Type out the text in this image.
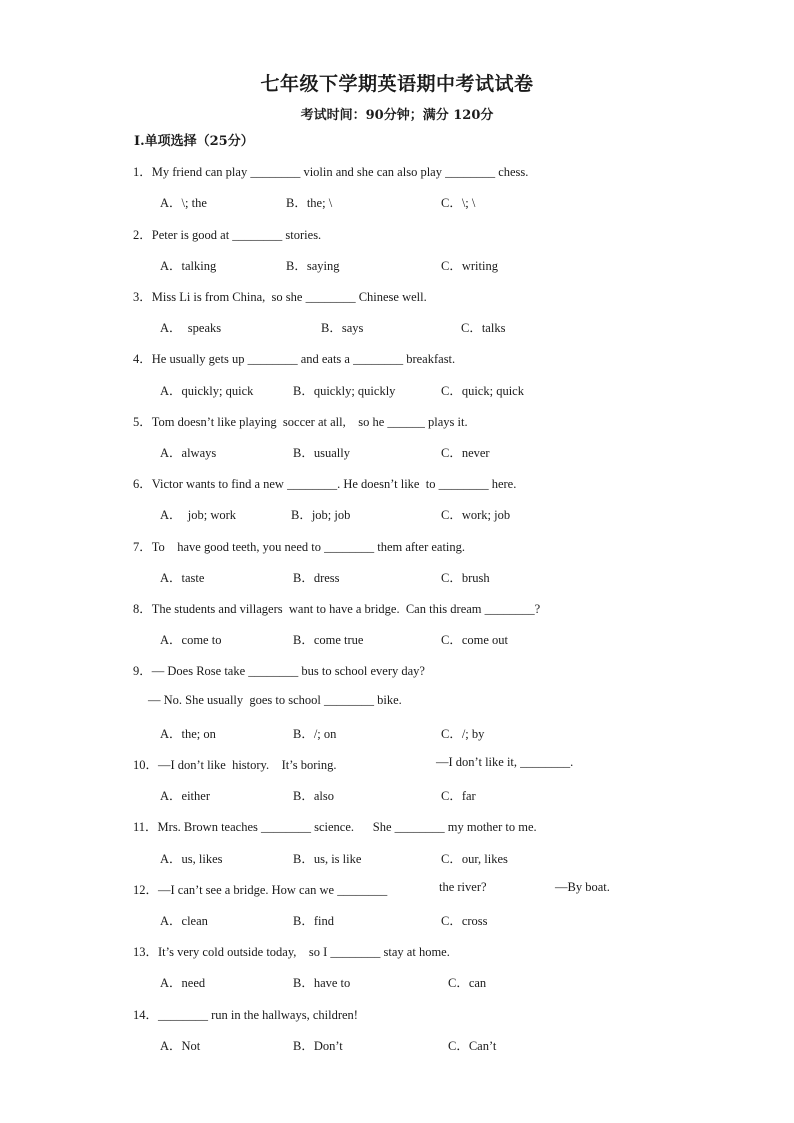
七年级下学期英语期中考试试卷
考试时间：90分钟；满分 120分
Ⅰ.单项选择（25分）
1．My friend can play ________ violin and she can also play ________ chess.
A．\; the	B．the; \	C．\; \
2．Peter is good at ________ stories.
A．talking	B．saying	C．writing
3．Miss Li is from China,  so she ________ Chinese well.
A．  speaks	B．says	C．talks
4．He usually gets up ________ and eats a ________ breakfast.
A．quickly; quick	B．quickly; quickly	C．quick; quick
5．Tom doesn’t like playing  soccer at all,    so he ______ plays it.
A．always	B．usually	C．never
6．Victor wants to find a new ________. He doesn’t like  to ________ here.
A．  job; work	B．job; job	C．work; job
7．To    have good teeth, you need to ________ them after eating.
A．taste	B．dress	C．brush
8．The students and villagers  want to have a bridge.  Can this dream ________?
A．come to	B．come true	C．come out
9．— Does Rose take ________ bus to school every day?
— No. She usually  goes to school ________ bike.
A．the; on	B．/; on	C．/; by
10．—I don’t like  history.    It’s boring.	—I don’t like it, ________.
A．either	B．also	C．far
11．Mrs. Brown teaches ________ science.      She ________ my mother to me.
A．us, likes	B．us, is like	C．our, likes
12．—I can’t see a bridge. How can we ________	the river?	—By boat.
A．clean	B．find	C．cross
13．It’s very cold outside today,    so I ________ stay at home.
A．need	B．have to	C．can
14．________ run in the hallways, children!
A．Not	B．Don’t	C．Can’t
